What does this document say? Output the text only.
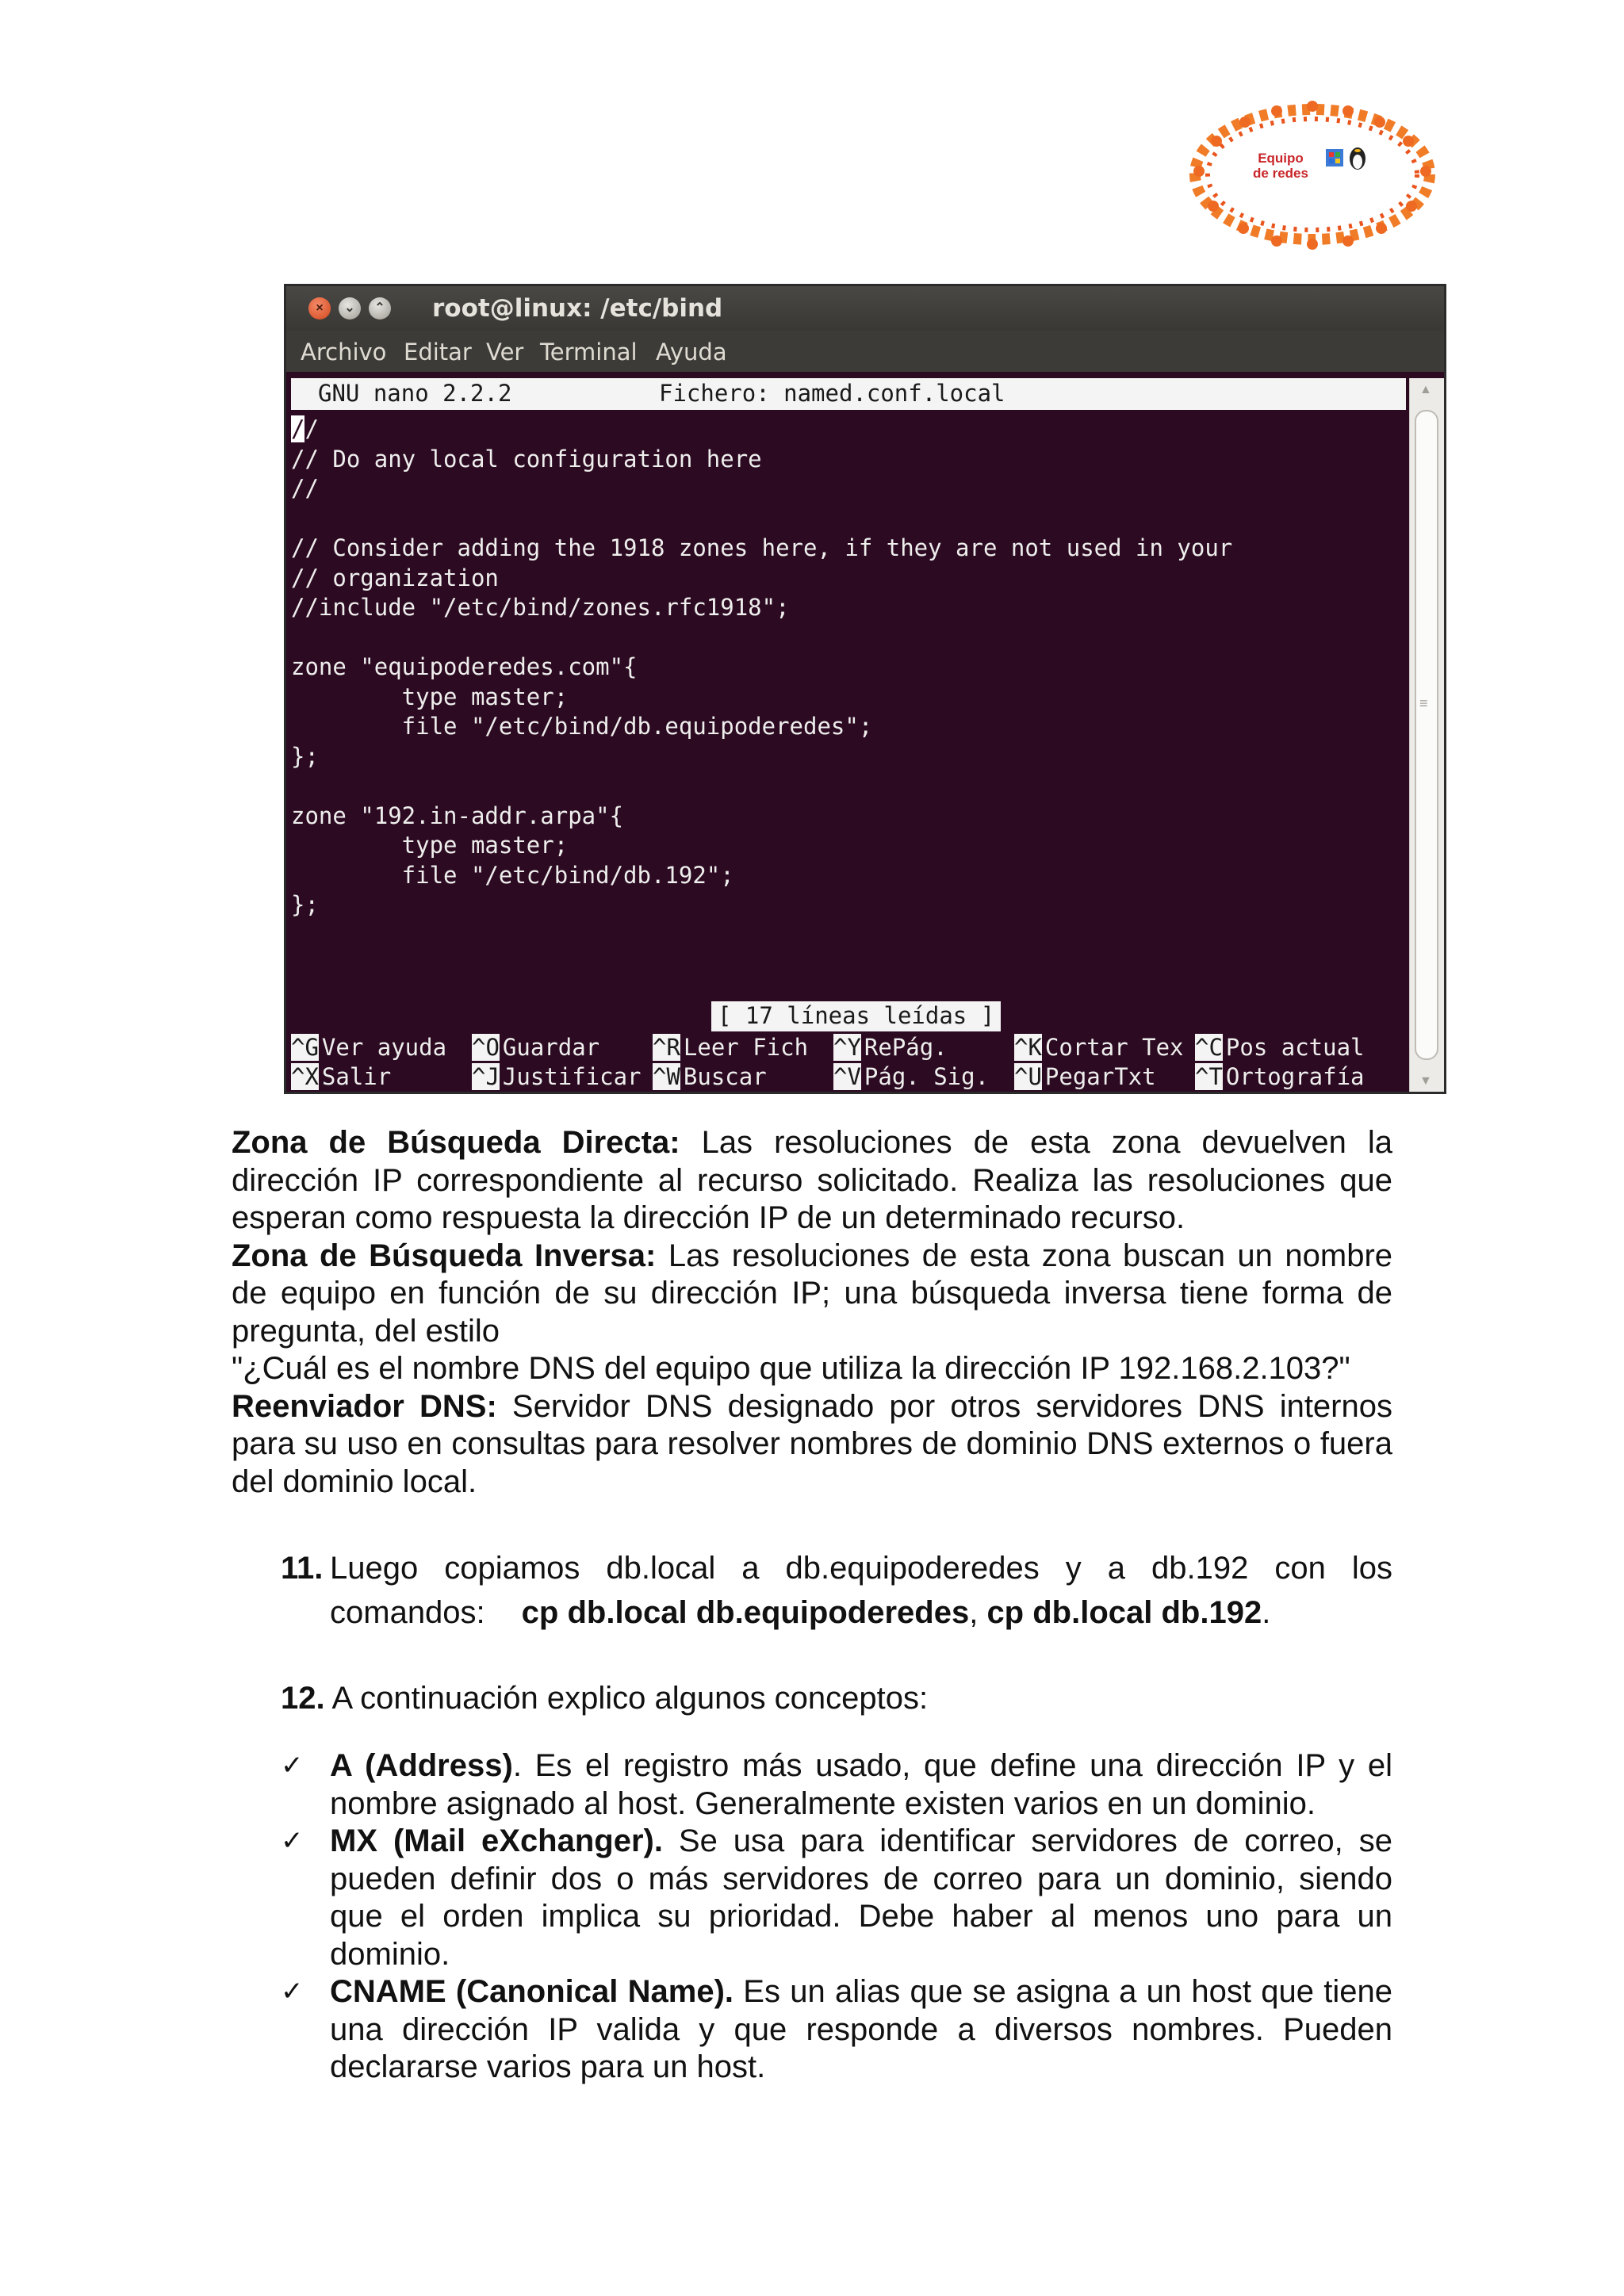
Equipo
de redes
×	⌄	⌃ root@linux: /etc/bind
Archivo Editar Ver Terminal Ayuda
GNU nano 2.2.2	Fichero: named.conf.local
//
// Do any local configuration here
//
// Consider adding the 1918 zones here, if they are not used in your
// organization
//include "/etc/bind/zones.rfc1918";
zone "equipoderedes.com"{
type master;
file "/etc/bind/db.equipoderedes";
};
zone "192.in-addr.arpa"{
type master;
file "/etc/bind/db.192";
};
[ 17 líneas leídas ]
^G Ver ayuda ^O Guardar ^R Leer Fich ^Y RePág.	^K Cortar Tex ^C Pos actual
^X Salir	^J Justificar ^W Buscar	^V Pág. Sig. ^U PegarTxt ^T Ortografía
▲
≡
▼

Zona de Búsqueda Directa: Las resoluciones de esta zona devuelven la dirección IP correspondiente al recurso solicitado. Realiza las resoluciones que esperan como respuesta la dirección IP de un determinado recurso.

Zona de Búsqueda Inversa: Las resoluciones de esta zona buscan un nombre de equipo en función de su dirección IP; una búsqueda inversa tiene forma de pregunta, del estilo

"¿Cuál es el nombre DNS del equipo que utiliza la dirección IP 192.168.2.103?"

Reenviador DNS: Servidor DNS designado por otros servidores DNS internos para su uso en consultas para resolver nombres de dominio DNS externos o fuera del dominio local.

11. Luego copiamos db.local a db.equipoderedes y a db.192 con los
comandos: cp db.local db.equipoderedes, cp db.local db.192.
12. A continuación explico algunos conceptos:
✓ A (Address). Es el registro más usado, que define una dirección IP y el nombre asignado al host. Generalmente existen varios en un dominio.
✓ MX (Mail eXchanger). Se usa para identificar servidores de correo, se pueden definir dos o más servidores de correo para un dominio, siendo que el orden implica su prioridad. Debe haber al menos uno para un dominio.
✓ CNAME (Canonical Name). Es un alias que se asigna a un host que tiene una dirección IP valida y que responde a diversos nombres. Pueden declararse varios para un host.
